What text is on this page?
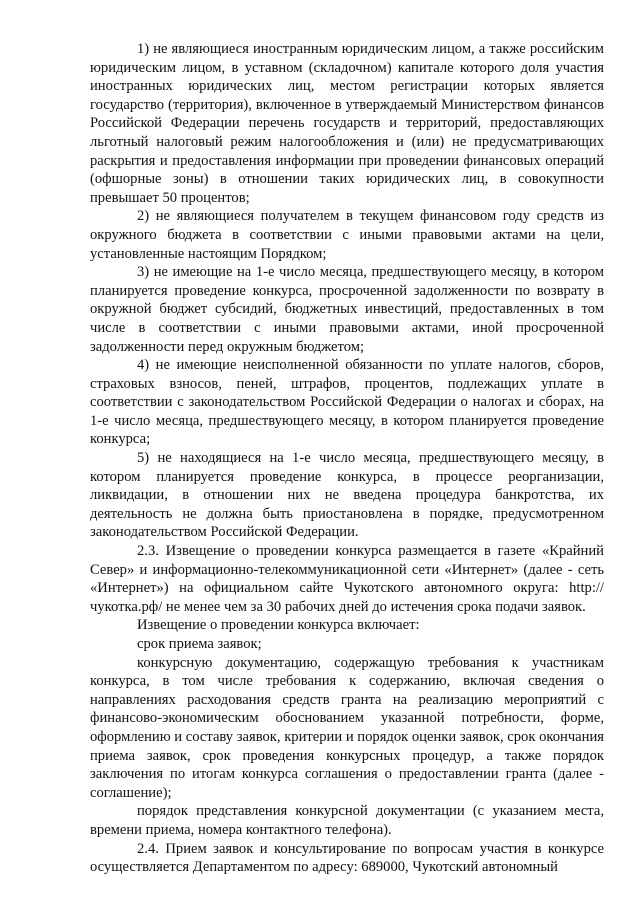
1) не являющиеся иностранным юридическим лицом, а также российским юридическим лицом, в уставном (складочном) капитале которого доля участия иностранных юридических лиц, местом регистрации которых является государство (территория), включенное в утверждаемый Министерством финансов Российской Федерации перечень государств и территорий, предоставляющих льготный налоговый режим налогообложения и (или) не предусматривающих раскрытия и предоставления информации при проведении финансовых операций (офшорные зоны) в отношении таких юридических лиц, в совокупности превышает 50 процентов;

2) не являющиеся получателем в текущем финансовом году средств из окружного бюджета в соответствии с иными правовыми актами на цели, установленные настоящим Порядком;

3) не имеющие на 1-е число месяца, предшествующего месяцу, в котором планируется проведение конкурса, просроченной задолженности по возврату в окружной бюджет субсидий, бюджетных инвестиций, предоставленных в том числе в соответствии с иными правовыми актами, иной просроченной задолженности перед окружным бюджетом;

4) не имеющие неисполненной обязанности по уплате налогов, сборов, страховых взносов, пеней, штрафов, процентов, подлежащих уплате в соответствии с законодательством Российской Федерации о налогах и сборах, на 1-е число месяца, предшествующего месяцу, в котором планируется проведение конкурса;

5) не находящиеся на 1-е число месяца, предшествующего месяцу, в котором планируется проведение конкурса, в процессе реорганизации, ликвидации, в отношении них не введена процедура банкротства, их деятельность не должна быть приостановлена в порядке, предусмотренном законодательством Российской Федерации.

2.3. Извещение о проведении конкурса размещается в газете «Крайний Север» и информационно-телекоммуникационной сети «Интернет» (далее - сеть «Интернет») на официальном сайте Чукотского автономного округа: http://чукотка.рф/ не менее чем за 30 рабочих дней до истечения срока подачи заявок.

Извещение о проведении конкурса включает:

срок приема заявок;

конкурсную документацию, содержащую требования к участникам конкурса, в том числе требования к содержанию, включая сведения о направлениях расходования средств гранта на реализацию мероприятий с финансово-экономическим обоснованием указанной потребности, форме, оформлению и составу заявок, критерии и порядок оценки заявок, срок окончания приема заявок, срок проведения конкурсных процедур, а также порядок заключения по итогам конкурса соглашения о предоставлении гранта (далее - соглашение);

порядок представления конкурсной документации (с указанием места, времени приема, номера контактного телефона).

2.4. Прием заявок и консультирование по вопросам участия в конкурсе осуществляется Департаментом по адресу: 689000, Чукотский автономный
